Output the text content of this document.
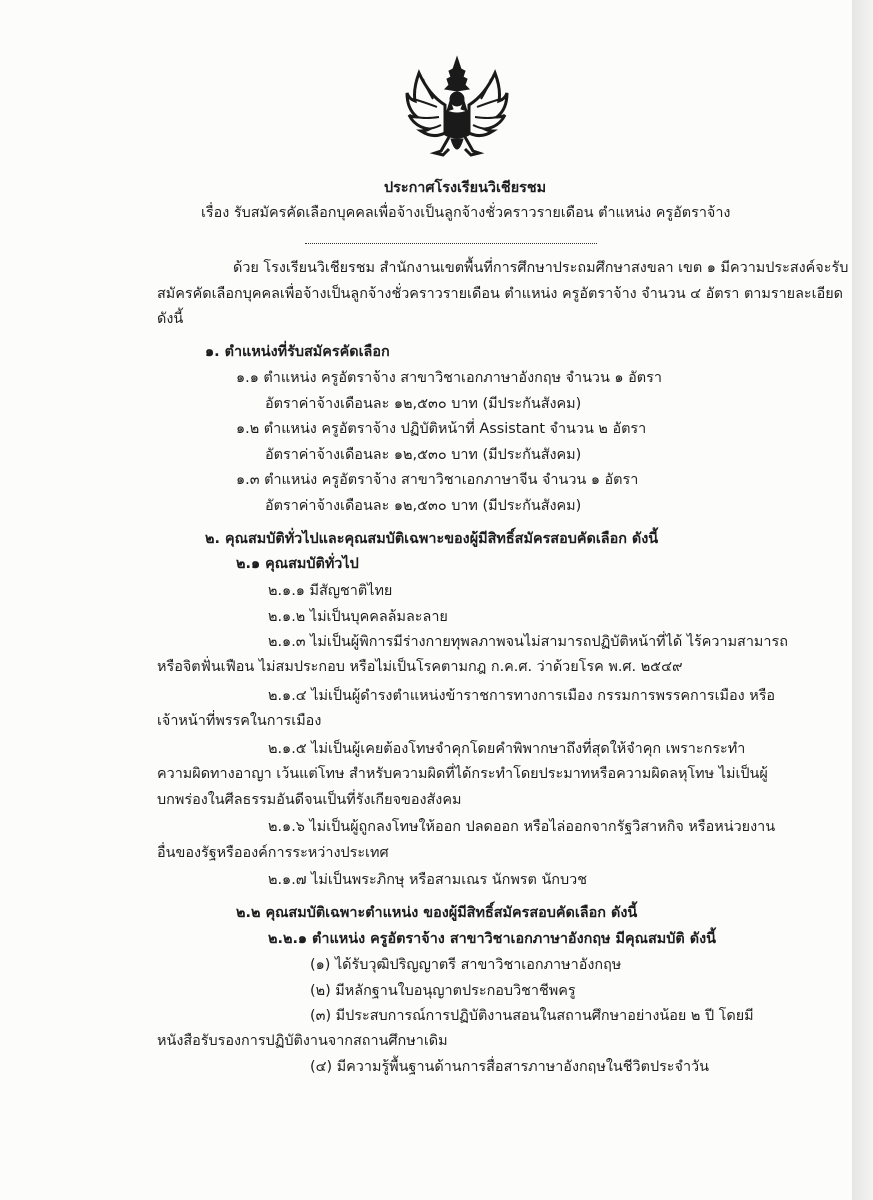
ประกาศโรงเรียนวิเชียรชม
เรื่อง รับสมัครคัดเลือกบุคคลเพื่อจ้างเป็นลูกจ้างชั่วคราวรายเดือน ตำแหน่ง ครูอัตราจ้าง
ด้วย โรงเรียนวิเชียรชม สำนักงานเขตพื้นที่การศึกษาประถมศึกษาสงขลา เขต ๑ มีความประสงค์จะรับ
สมัครคัดเลือกบุคคลเพื่อจ้างเป็นลูกจ้างชั่วคราวรายเดือน ตำแหน่ง ครูอัตราจ้าง จำนวน ๔ อัตรา ตามรายละเอียด
ดังนี้
๑. ตำแหน่งที่รับสมัครคัดเลือก
๑.๑ ตำแหน่ง ครูอัตราจ้าง สาขาวิชาเอกภาษาอังกฤษ จำนวน ๑ อัตรา
อัตราค่าจ้างเดือนละ ๑๒,๕๓๐ บาท (มีประกันสังคม)
๑.๒ ตำแหน่ง ครูอัตราจ้าง ปฏิบัติหน้าที่ Assistant จำนวน ๒ อัตรา
อัตราค่าจ้างเดือนละ ๑๒,๕๓๐ บาท (มีประกันสังคม)
๑.๓ ตำแหน่ง ครูอัตราจ้าง สาขาวิชาเอกภาษาจีน จำนวน ๑ อัตรา
อัตราค่าจ้างเดือนละ ๑๒,๕๓๐ บาท (มีประกันสังคม)
๒. คุณสมบัติทั่วไปและคุณสมบัติเฉพาะของผู้มีสิทธิ์สมัครสอบคัดเลือก ดังนี้
๒.๑ คุณสมบัติทั่วไป
๒.๑.๑ มีสัญชาติไทย
๒.๑.๒ ไม่เป็นบุคคลล้มละลาย
๒.๑.๓ ไม่เป็นผู้พิการมีร่างกายทุพลภาพจนไม่สามารถปฏิบัติหน้าที่ได้ ไร้ความสามารถ
หรือจิตฟั่นเฟือน ไม่สมประกอบ หรือไม่เป็นโรคตามกฎ ก.ค.ศ. ว่าด้วยโรค พ.ศ. ๒๕๔๙
๒.๑.๔ ไม่เป็นผู้ดำรงตำแหน่งข้าราชการทางการเมือง กรรมการพรรคการเมือง หรือ
เจ้าหน้าที่พรรคในการเมือง
๒.๑.๕ ไม่เป็นผู้เคยต้องโทษจำคุกโดยคำพิพากษาถึงที่สุดให้จำคุก เพราะกระทำ
ความผิดทางอาญา เว้นแต่โทษ สำหรับความผิดที่ได้กระทำโดยประมาทหรือความผิดลหุโทษ ไม่เป็นผู้
บกพร่องในศีลธรรมอันดีจนเป็นที่รังเกียจของสังคม
๒.๑.๖ ไม่เป็นผู้ถูกลงโทษให้ออก ปลดออก หรือไล่ออกจากรัฐวิสาหกิจ หรือหน่วยงาน
อื่นของรัฐหรือองค์การระหว่างประเทศ
๒.๑.๗ ไม่เป็นพระภิกษุ หรือสามเณร นักพรต นักบวช
๒.๒ คุณสมบัติเฉพาะตำแหน่ง ของผู้มีสิทธิ์สมัครสอบคัดเลือก ดังนี้
๒.๒.๑ ตำแหน่ง ครูอัตราจ้าง สาขาวิชาเอกภาษาอังกฤษ มีคุณสมบัติ ดังนี้
(๑) ได้รับวุฒิปริญญาตรี สาขาวิชาเอกภาษาอังกฤษ
(๒) มีหลักฐานใบอนุญาตประกอบวิชาชีพครู
(๓) มีประสบการณ์การปฏิบัติงานสอนในสถานศึกษาอย่างน้อย ๒ ปี โดยมี
หนังสือรับรองการปฏิบัติงานจากสถานศึกษาเดิม
(๔) มีความรู้พื้นฐานด้านการสื่อสารภาษาอังกฤษในชีวิตประจำวัน
